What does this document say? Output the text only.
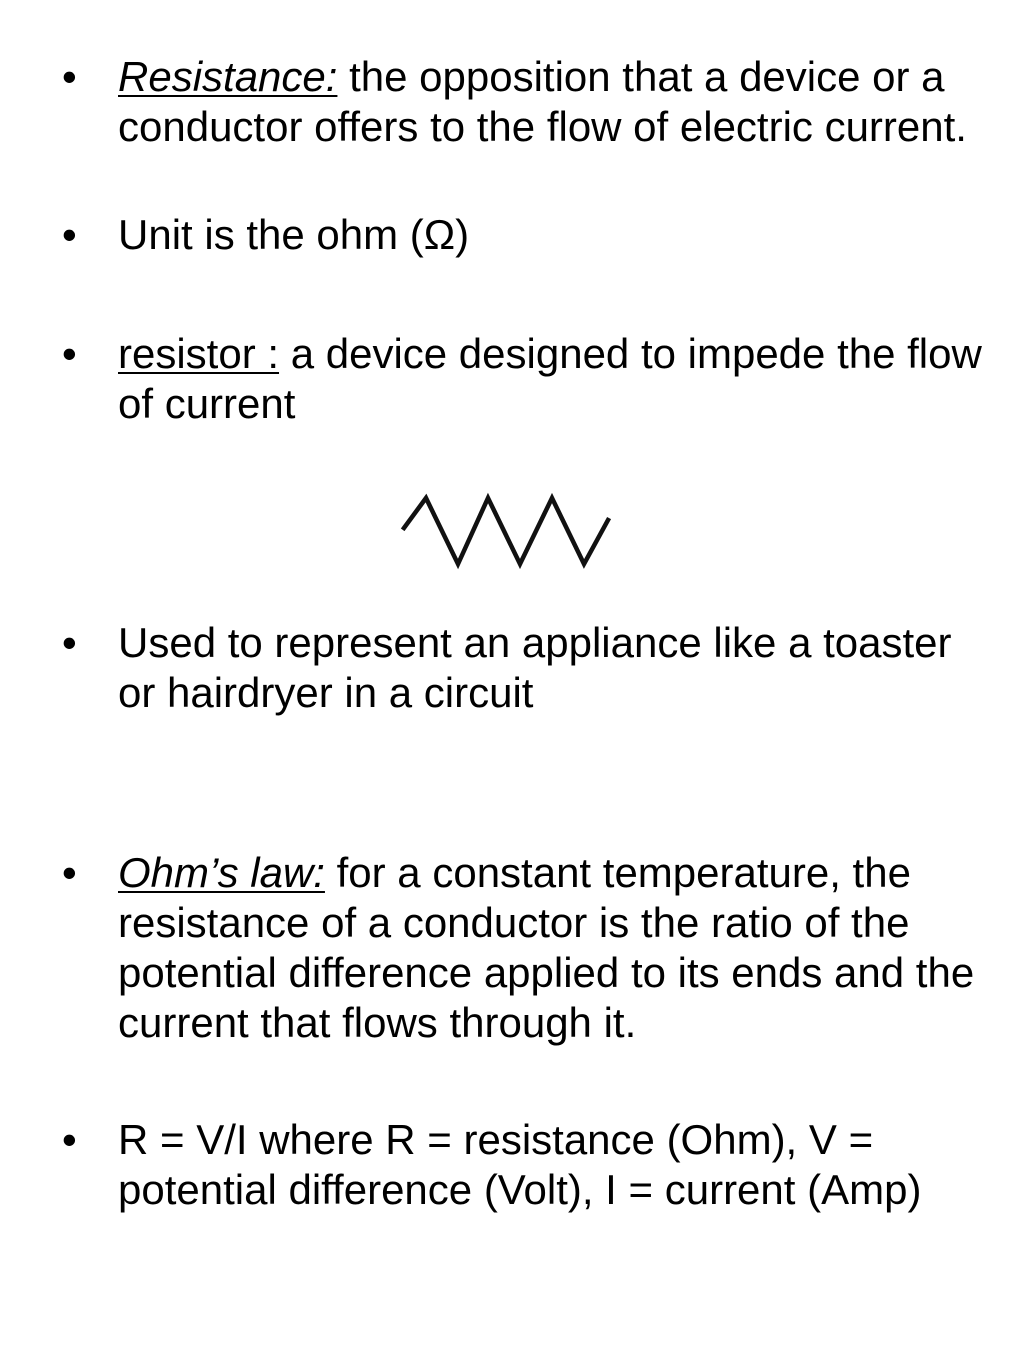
• Resistance: the opposition that a device or a conductor offers to the flow of electric current.
• Unit is the ohm (Ω)
• resistor : a device designed to impede the flow of current
• Used to represent an appliance like a toaster or hairdryer in a circuit
• Ohm’s law: for a constant temperature, the resistance of a conductor is the ratio of the potential difference applied to its ends and the current that flows through it.
• R = V/I where R = resistance (Ohm), V = potential difference (Volt), I = current (Amp)
